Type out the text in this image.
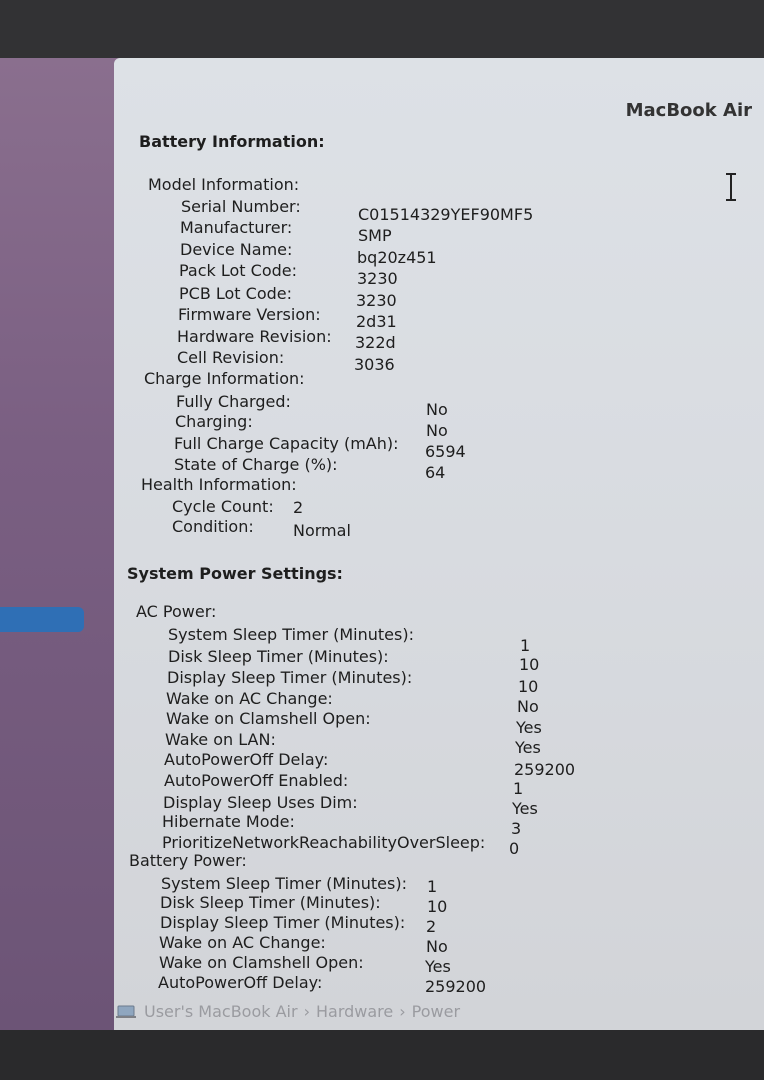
MacBook Air
Battery Information:
Model Information:
Serial Number:	C01514329YEF90MF5
Manufacturer:	SMP
Device Name:	bq20z451
Pack Lot Code:	3230
PCB Lot Code:	3230
Firmware Version: 2d31
Hardware Revision: 322d
Cell Revision:	3036
Charge Information:
Fully Charged:	No
Charging:	No
Full Charge Capacity (mAh): 6594
State of Charge (%):	64
Health Information:
Cycle Count: 2
Condition: Normal
System Power Settings:
AC Power:
System Sleep Timer (Minutes):
1
Disk Sleep Timer (Minutes):	10
Display Sleep Timer (Minutes):	10
Wake on AC Change:	No
Wake on Clamshell Open:	Yes
Wake on LAN:	Yes
AutoPowerOff Delay:
259200
AutoPowerOff Enabled:	1
Display Sleep Uses Dim:	Yes
Hibernate Mode:	3
PrioritizeNetworkReachabilityOverSleep: 0
Battery Power:
System Sleep Timer (Minutes): 1
Disk Sleep Timer (Minutes):	10
Display Sleep Timer (Minutes): 2
Wake on AC Change:	No
Wake on Clamshell Open:	Yes
AutoPowerOff Delay:	259200
User's MacBook Air › Hardware › Power
